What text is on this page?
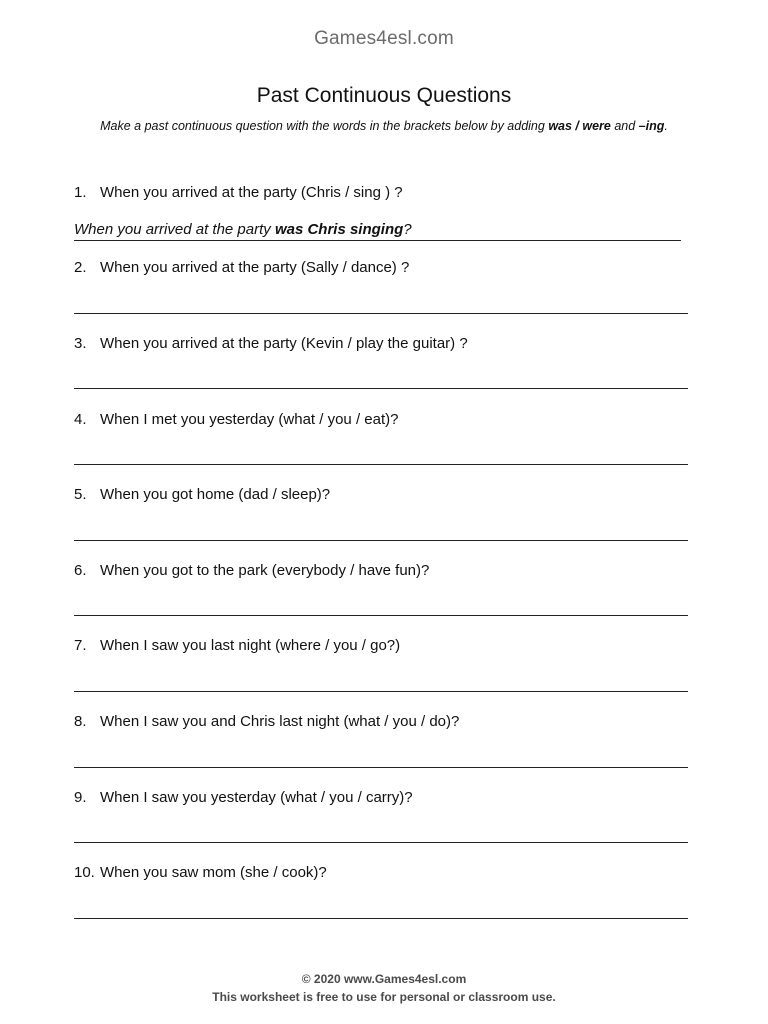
Games4esl.com
Past Continuous Questions
Make a past continuous question with the words in the brackets below by adding was / were and –ing.
1. When you arrived at the party (Chris / sing ) ?
When you arrived at the party was Chris singing?
2. When you arrived at the party (Sally / dance) ?
3. When you arrived at the party (Kevin / play the guitar) ?
4. When I met you yesterday (what / you / eat)?
5. When you got home (dad / sleep)?
6. When you got to the park (everybody / have fun)?
7. When I saw you last night (where / you / go?)
8. When I saw you and Chris last night (what / you / do)?
9. When I saw you yesterday (what / you / carry)?
10. When you saw mom (she / cook)?
© 2020 www.Games4esl.com
This worksheet is free to use for personal or classroom use.
